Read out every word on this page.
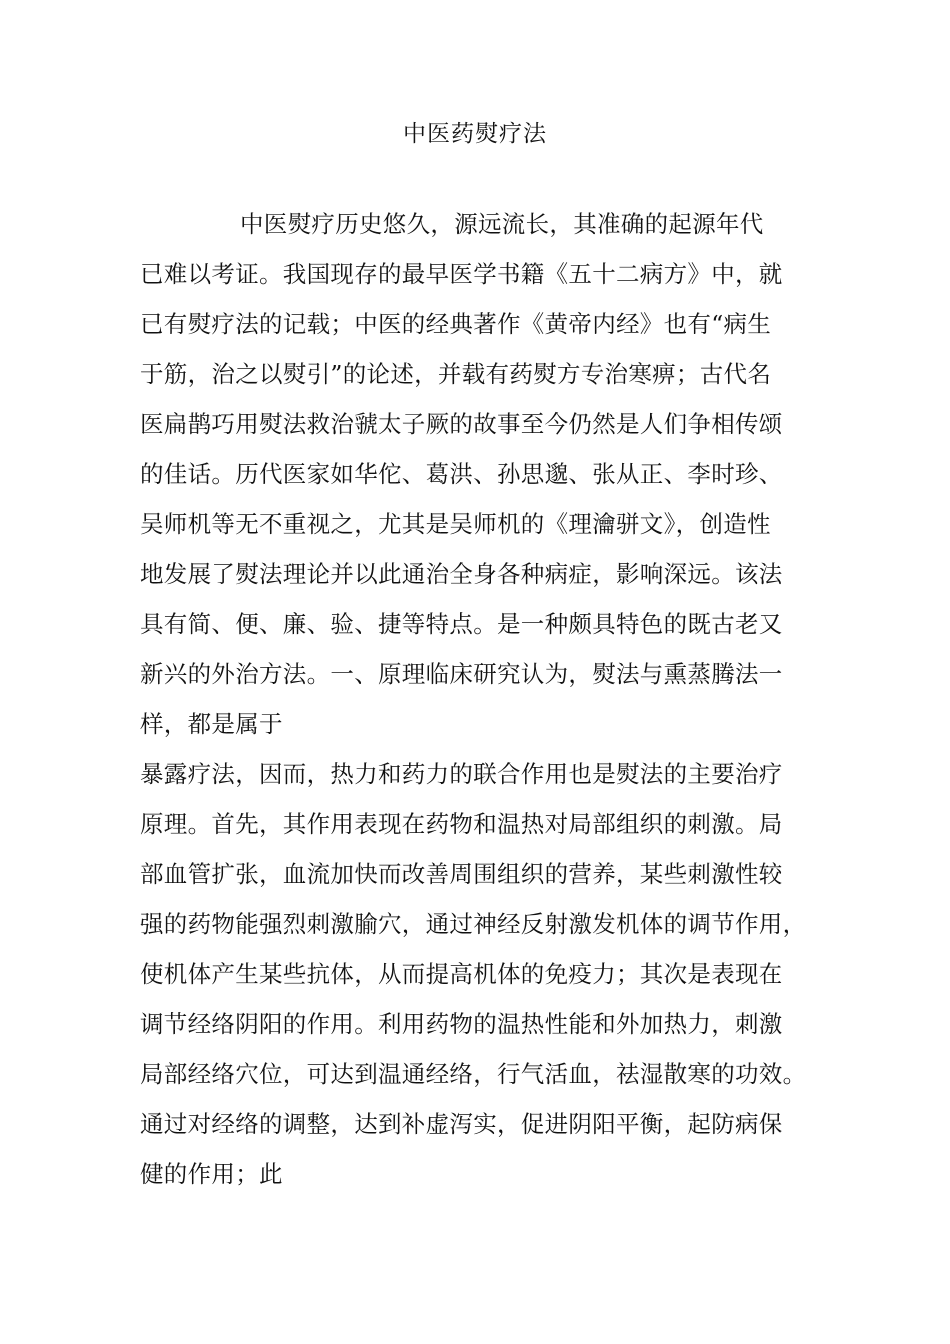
中医药熨疗法
中医熨疗历史悠久，源远流长，其准确的起源年代
已难以考证。我国现存的最早医学书籍《五十二病方》中，就
已有熨疗法的记载；中医的经典著作《黄帝内经》也有“病生
于筋，治之以熨引”的论述，并载有药熨方专治寒痹；古代名
医扁鹊巧用熨法救治虢太子厥的故事至今仍然是人们争相传颂
的佳话。历代医家如华佗、葛洪、孙思邈、张从正、李时珍、
吴师机等无不重视之，尤其是吴师机的《理瀹骈文》，创造性
地发展了熨法理论并以此通治全身各种病症，影响深远。该法
具有简、便、廉、验、捷等特点。是一种颇具特色的既古老又
新兴的外治方法。一、原理临床研究认为，熨法与熏蒸腾法一
样，都是属于
暴露疗法，因而，热力和药力的联合作用也是熨法的主要治疗
原理。首先，其作用表现在药物和温热对局部组织的刺激。局
部血管扩张，血流加快而改善周围组织的营养，某些刺激性较
强的药物能强烈刺激腧穴，通过神经反射激发机体的调节作用，
使机体产生某些抗体，从而提高机体的免疫力；其次是表现在
调节经络阴阳的作用。利用药物的温热性能和外加热力，刺激
局部经络穴位，可达到温通经络，行气活血，祛湿散寒的功效。
通过对经络的调整，达到补虚泻实，促进阴阳平衡，起防病保
健的作用；此
